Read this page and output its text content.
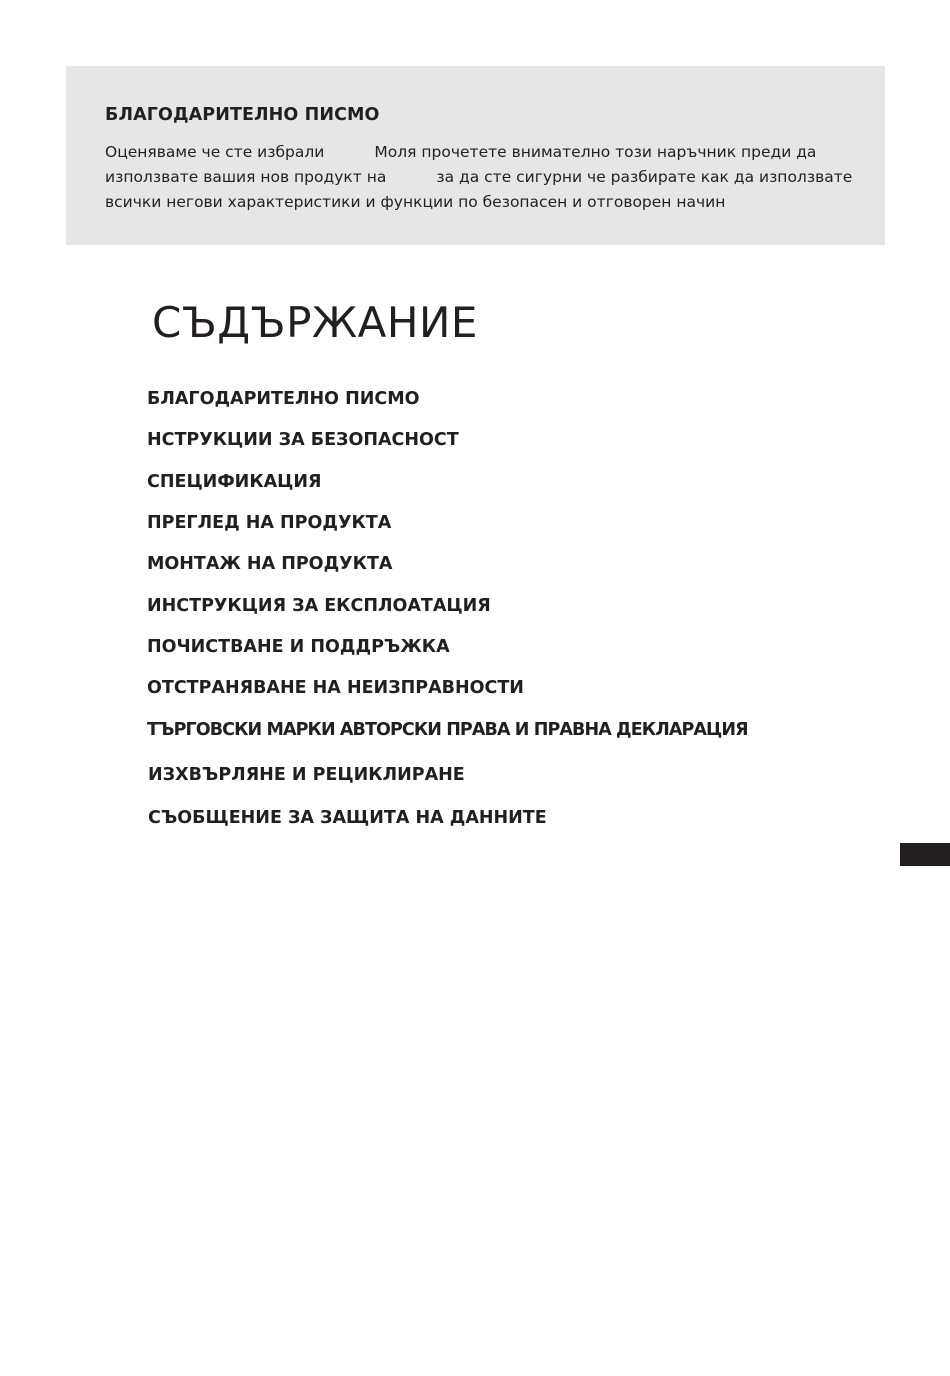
БЛАГОДАРИТЕЛНО ПИСМО
Оценяваме че сте избрали	Моля прочетете внимателно този наръчник преди да
използвате вашия нов продукт на	за да сте сигурни че разбирате как да използвате
всички негови характеристики и функции по безопасен и отговорен начин
СЪДЪРЖАНИЕ
БЛАГОДАРИТЕЛНО ПИСМО
НСТРУКЦИИ ЗА БЕЗОПАСНОСТ
СПЕЦИФИКАЦИЯ
ПРЕГЛЕД НА ПРОДУКТА
МОНТАЖ НА ПРОДУКТА
ИНСТРУКЦИЯ ЗА ЕКСПЛОАТАЦИЯ
ПОЧИСТВАНЕ И ПОДДРЪЖКА
ОТСТРАНЯВАНЕ НА НЕИЗПРАВНОСТИ
ТЪРГОВСКИ МАРКИ АВТОРСКИ ПРАВА И ПРАВНА ДЕКЛАРАЦИЯ
ИЗХВЪРЛЯНЕ И РЕЦИКЛИРАНЕ
СЪОБЩЕНИЕ ЗА ЗАЩИТА НА ДАННИТЕ
